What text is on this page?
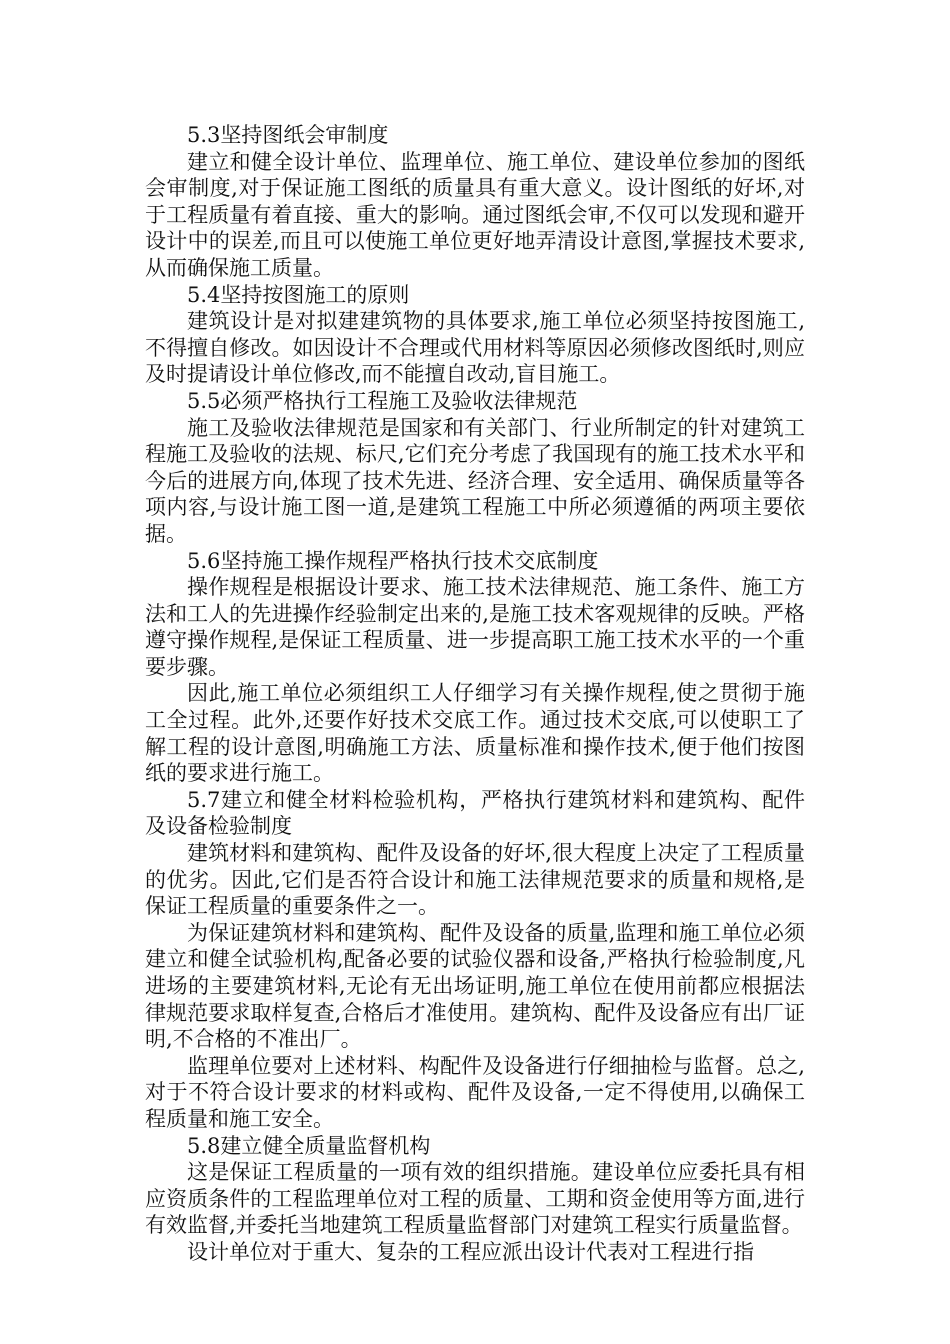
5.3坚持图纸会审制度

建立和健全设计单位、监理单位、施工单位、建设单位参加的图纸会审制度,对于保证施工图纸的质量具有重大意义。设计图纸的好坏,对于工程质量有着直接、重大的影响。通过图纸会审,不仅可以发现和避开设计中的误差,而且可以使施工单位更好地弄清设计意图,掌握技术要求,从而确保施工质量。

5.4坚持按图施工的原则

建筑设计是对拟建建筑物的具体要求,施工单位必须坚持按图施工,不得擅自修改。如因设计不合理或代用材料等原因必须修改图纸时,则应及时提请设计单位修改,而不能擅自改动,盲目施工。

5.5必须严格执行工程施工及验收法律规范

施工及验收法律规范是国家和有关部门、行业所制定的针对建筑工程施工及验收的法规、标尺,它们充分考虑了我国现有的施工技术水平和今后的进展方向,体现了技术先进、经济合理、安全适用、确保质量等各项内容,与设计施工图一道,是建筑工程施工中所必须遵循的两项主要依据。

5.6坚持施工操作规程严格执行技术交底制度

操作规程是根据设计要求、施工技术法律规范、施工条件、施工方法和工人的先进操作经验制定出来的,是施工技术客观规律的反映。严格遵守操作规程,是保证工程质量、进一步提高职工施工技术水平的一个重要步骤。

因此,施工单位必须组织工人仔细学习有关操作规程,使之贯彻于施工全过程。此外,还要作好技术交底工作。通过技术交底,可以使职工了解工程的设计意图,明确施工方法、质量标准和操作技术,便于他们按图纸的要求进行施工。

5.7建立和健全材料检验机构，严格执行建筑材料和建筑构、配件及设备检验制度

建筑材料和建筑构、配件及设备的好坏,很大程度上决定了工程质量的优劣。因此,它们是否符合设计和施工法律规范要求的质量和规格,是保证工程质量的重要条件之一。

为保证建筑材料和建筑构、配件及设备的质量,监理和施工单位必须建立和健全试验机构,配备必要的试验仪器和设备,严格执行检验制度,凡进场的主要建筑材料,无论有无出场证明,施工单位在使用前都应根据法律规范要求取样复查,合格后才准使用。建筑构、配件及设备应有出厂证明,不合格的不准出厂。

监理单位要对上述材料、构配件及设备进行仔细抽检与监督。总之,对于不符合设计要求的材料或构、配件及设备,一定不得使用,以确保工程质量和施工安全。

5.8建立健全质量监督机构

这是保证工程质量的一项有效的组织措施。建设单位应委托具有相应资质条件的工程监理单位对工程的质量、工期和资金使用等方面,进行有效监督,并委托当地建筑工程质量监督部门对建筑工程实行质量监督。

设计单位对于重大、复杂的工程应派出设计代表对工程进行指
